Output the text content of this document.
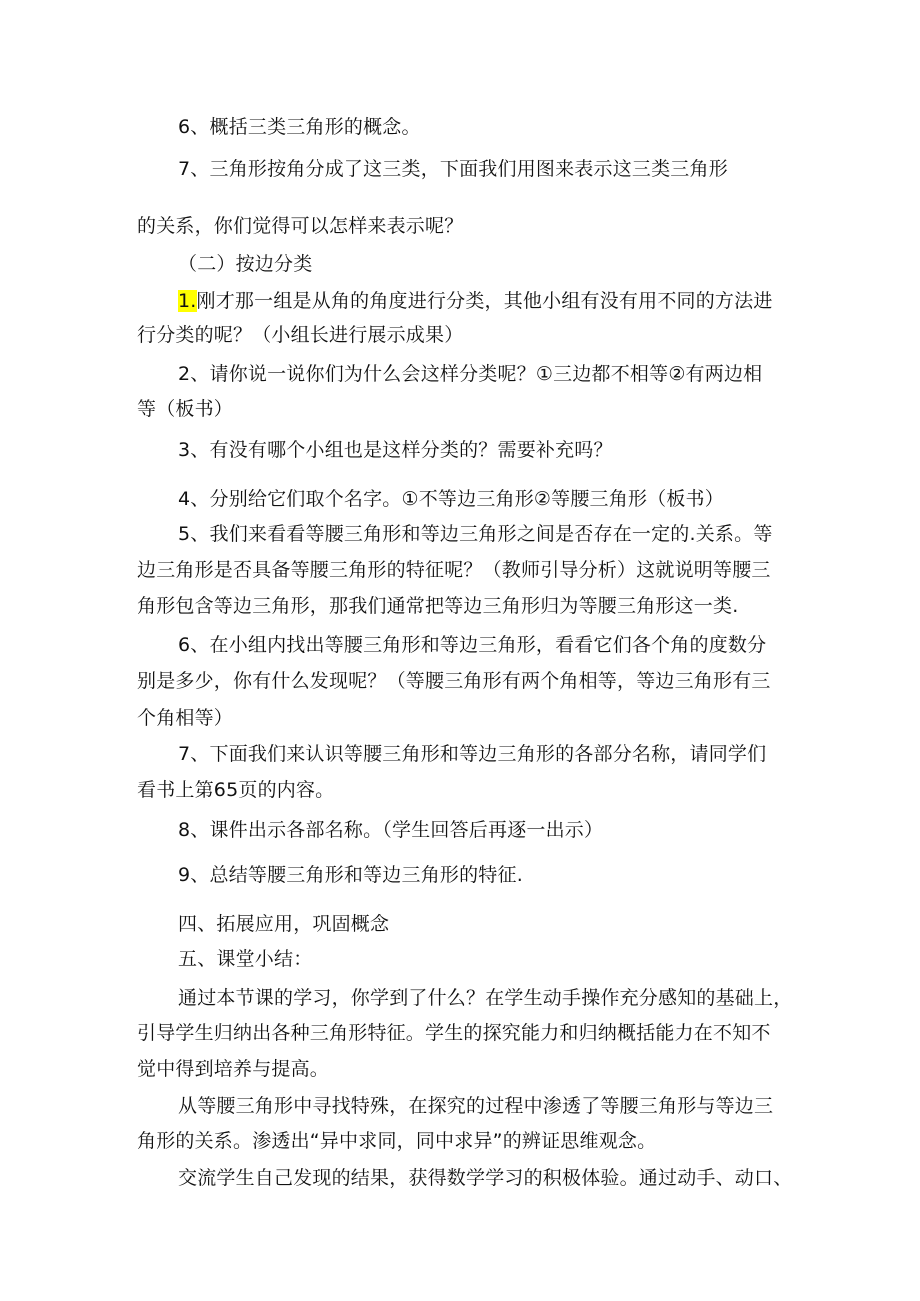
6、概括三类三角形的概念。
7、三角形按角分成了这三类，下面我们用图来表示这三类三角形
的关系，你们觉得可以怎样来表示呢？
（二）按边分类
1.刚才那一组是从角的角度进行分类，其他小组有没有用不同的方法进
行分类的呢？（小组长进行展示成果）
2、请你说一说你们为什么会这样分类呢？①三边都不相等②有两边相
等（板书）
3、有没有哪个小组也是这样分类的？需要补充吗？
4、分别给它们取个名字。①不等边三角形②等腰三角形（板书）
5、我们来看看等腰三角形和等边三角形之间是否存在一定的.关系。等
边三角形是否具备等腰三角形的特征呢？（教师引导分析）这就说明等腰三
角形包含等边三角形，那我们通常把等边三角形归为等腰三角形这一类.
6、在小组内找出等腰三角形和等边三角形，看看它们各个角的度数分
别是多少，你有什么发现呢？（等腰三角形有两个角相等，等边三角形有三
个角相等）
7、下面我们来认识等腰三角形和等边三角形的各部分名称，请同学们
看书上第65页的内容。
8、课件出示各部名称。（学生回答后再逐一出示）
9、总结等腰三角形和等边三角形的特征.
四、拓展应用，巩固概念
五、课堂小结：
通过本节课的学习，你学到了什么？在学生动手操作充分感知的基础上，
引导学生归纳出各种三角形特征。学生的探究能力和归纳概括能力在不知不
觉中得到培养与提高。
从等腰三角形中寻找特殊，在探究的过程中渗透了等腰三角形与等边三
角形的关系。渗透出“异中求同，同中求异”的辨证思维观念。
交流学生自己发现的结果，获得数学学习的积极体验。通过动手、动口、
